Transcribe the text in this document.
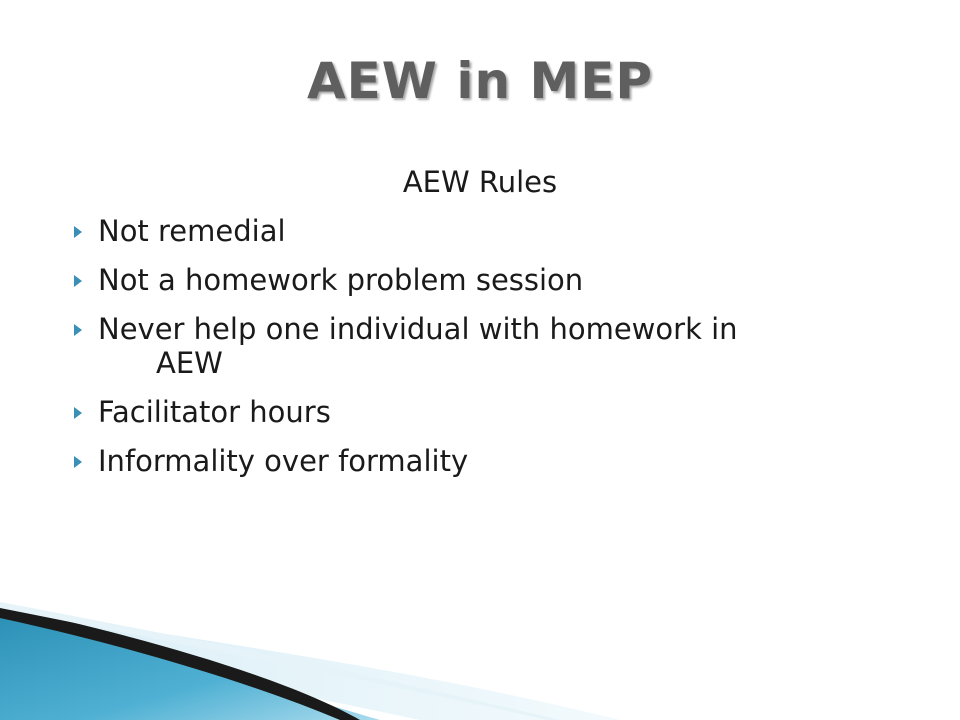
AEW in MEP
AEW Rules
Not remedial
Not a homework problem session
Never help one individual with homework in
AEW
Facilitator hours
Informality over formality
